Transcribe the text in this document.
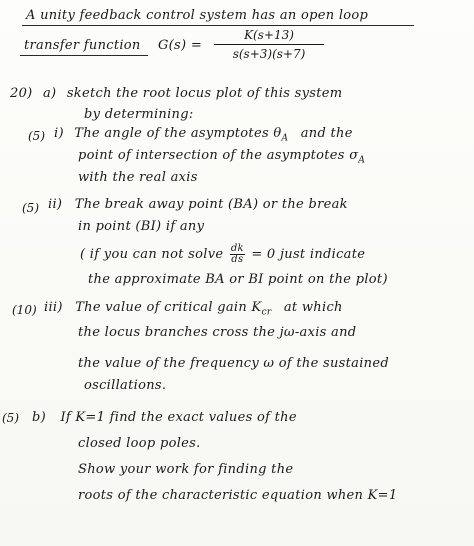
A unity feedback control system has an open loop
transfer function $G(s) = \frac{K(s+13)}{s(s+3)(s+7)}$
20) a) sketch the root locus plot of this system
by determining:
(5) i) The angle of the asymptotes $\theta_A$ and the
point of intersection of the asymptotes $\sigma_A$
with the real axis
(5) ii) The break away point (BA) or the break
in point (BI) if any
( if you can not solve $\frac{dk}{ds} = 0$ just indicate
the approximate BA or BI point on the plot)
(10) iii) The value of critical gain $K_{cr}$ at which
the locus branches cross the jω-axis and
the value of the frequency ω of the sustained
oscillations.
(5) b) If K=1 find the exact values of the
closed loop poles.
Show your work for finding the
roots of the characteristic equation when K=1
